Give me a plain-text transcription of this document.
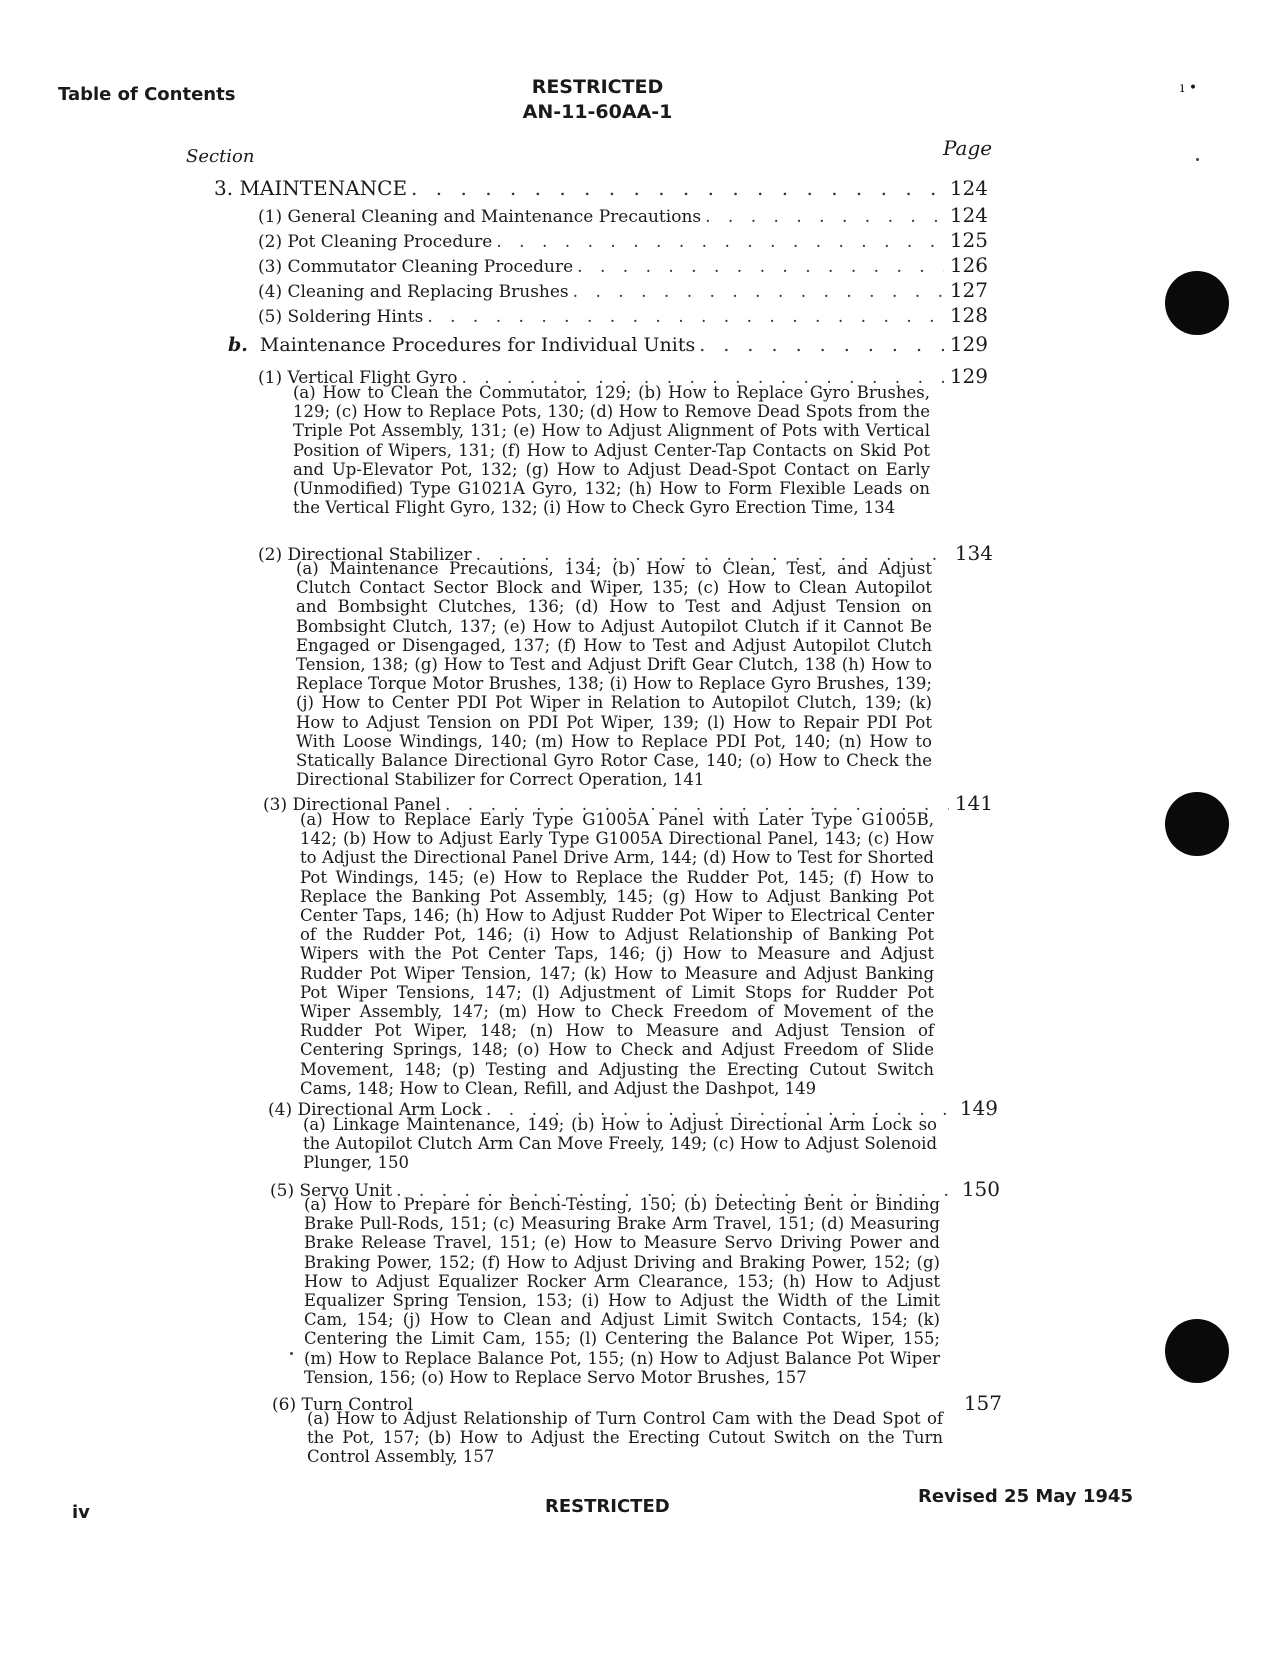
Table of Contents	RESTRICTED
AN-11-60AA-1
ı •
Section	Page
3. MAINTENANCE . . .	124
(1) General Cleaning and Maintenance Precautions . . .	124
(2) Pot Cleaning Procedure . . .	125
(3) Commutator Cleaning Procedure . . .	126
(4) Cleaning and Replacing Brushes . . .	127
(5) Soldering Hints . . .	128
b. Maintenance Procedures for Individual Units . . .	129
(1) Vertical Flight Gyro . . .	129
(a) How to Clean the Commutator, 129; (b) How to Replace Gyro Brushes, 129; (c) How to Replace Pots, 130; (d) How to Remove Dead Spots from the Triple Pot Assembly, 131; (e) How to Adjust Alignment of Pots with Vertical Position of Wipers, 131; (f) How to Adjust Center-Tap Contacts on Skid Pot and Up-Elevator Pot, 132; (g) How to Adjust Dead-Spot Contact on Early (Unmodified) Type G1021A Gyro, 132; (h) How to Form Flexible Leads on the Vertical Flight Gyro, 132; (i) How to Check Gyro Erection Time, 134
(2) Directional Stabilizer . . .	134
(a) Maintenance Precautions, 134; (b) How to Clean, Test, and Adjust Clutch Contact Sector Block and Wiper, 135; (c) How to Clean Autopilot and Bombsight Clutches, 136; (d) How to Test and Adjust Tension on Bombsight Clutch, 137; (e) How to Adjust Autopilot Clutch if it Cannot Be Engaged or Disengaged, 137; (f) How to Test and Adjust Autopilot Clutch Tension, 138; (g) How to Test and Adjust Drift Gear Clutch, 138 (h) How to Replace Torque Motor Brushes, 138; (i) How to Replace Gyro Brushes, 139; (j) How to Center PDI Pot Wiper in Relation to Autopilot Clutch, 139; (k) How to Adjust Tension on PDI Pot Wiper, 139; (l) How to Repair PDI Pot With Loose Windings, 140; (m) How to Replace PDI Pot, 140; (n) How to Statically Balance Directional Gyro Rotor Case, 140; (o) How to Check the Directional Stabilizer for Correct Operation, 141
(3) Directional Panel . . .	141
(a) How to Replace Early Type G1005A Panel with Later Type G1005B, 142; (b) How to Adjust Early Type G1005A Directional Panel, 143; (c) How to Adjust the Directional Panel Drive Arm, 144; (d) How to Test for Shorted Pot Windings, 145; (e) How to Replace the Rudder Pot, 145; (f) How to Replace the Banking Pot Assembly, 145; (g) How to Adjust Banking Pot Center Taps, 146; (h) How to Adjust Rudder Pot Wiper to Electrical Center of the Rudder Pot, 146; (i) How to Adjust Relationship of Banking Pot Wipers with the Pot Center Taps, 146; (j) How to Measure and Adjust Rudder Pot Wiper Tension, 147; (k) How to Measure and Adjust Banking Pot Wiper Tensions, 147; (l) Adjustment of Limit Stops for Rudder Pot Wiper Assembly, 147; (m) How to Check Freedom of Movement of the Rudder Pot Wiper, 148; (n) How to Measure and Adjust Tension of Centering Springs, 148; (o) How to Check and Adjust Freedom of Slide Movement, 148; (p) Testing and Adjusting the Erecting Cutout Switch Cams, 148; How to Clean, Refill, and Adjust the Dashpot, 149
(4) Directional Arm Lock . . .	149
(a) Linkage Maintenance, 149; (b) How to Adjust Directional Arm Lock so the Autopilot Clutch Arm Can Move Freely, 149; (c) How to Adjust Solenoid Plunger, 150
(5) Servo Unit . . .	150
(a) How to Prepare for Bench-Testing, 150; (b) Detecting Bent or Binding Brake Pull-Rods, 151; (c) Measuring Brake Arm Travel, 151; (d) Measuring Brake Release Travel, 151; (e) How to Measure Servo Driving Power and Braking Power, 152; (f) How to Adjust Driving and Braking Power, 152; (g) How to Adjust Equalizer Rocker Arm Clearance, 153; (h) How to Adjust Equalizer Spring Tension, 153; (i) How to Adjust the Width of the Limit Cam, 154; (j) How to Clean and Adjust Limit Switch Contacts, 154; (k) Centering the Limit Cam, 155; (l) Centering the Balance Pot Wiper, 155; (m) How to Replace Balance Pot, 155; (n) How to Adjust Balance Pot Wiper Tension, 156; (o) How to Replace Servo Motor Brushes, 157
(6) Turn Control	157
(a) How to Adjust Relationship of Turn Control Cam with the Dead Spot of the Pot, 157; (b) How to Adjust the Erecting Cutout Switch on the Turn Control Assembly, 157
iv	RESTRICTED	Revised 25 May 1945
